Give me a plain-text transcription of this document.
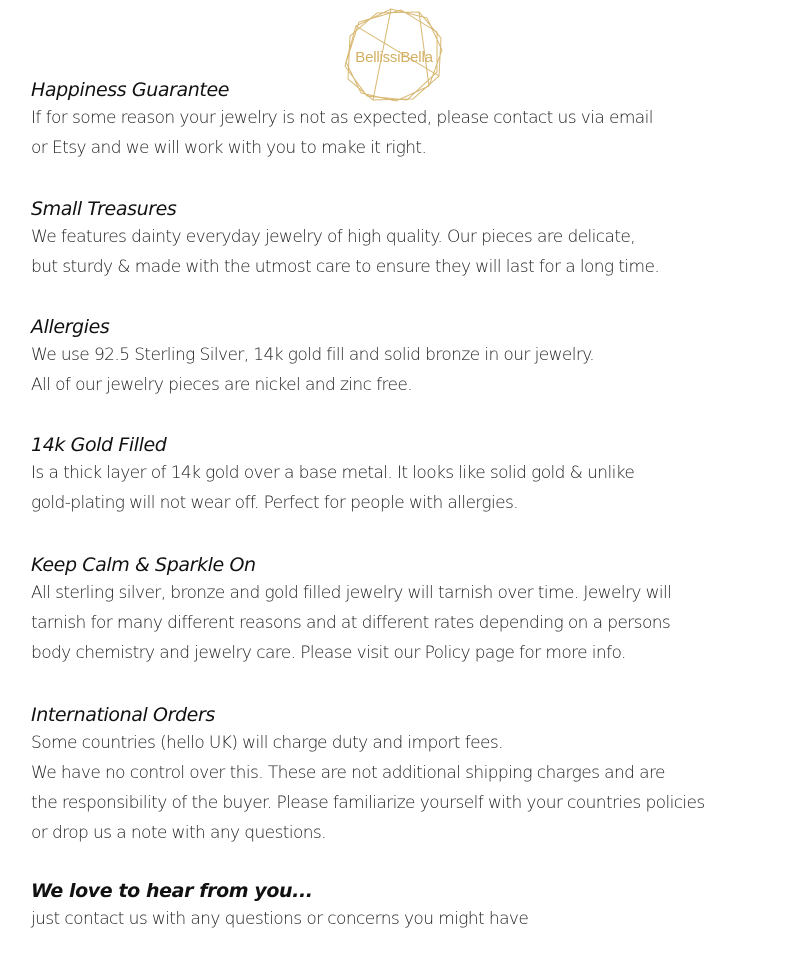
BellissiBella
Happiness Guarantee
If for some reason your jewelry is not as expected, please contact us via email
or Etsy and we will work with you to make it right.
Small Treasures
We features dainty everyday jewelry of high quality. Our pieces are delicate,
but sturdy & made with the utmost care to ensure they will last for a long time.
Allergies
We use 92.5 Sterling Silver, 14k gold fill and solid bronze in our jewelry.
All of our jewelry pieces are nickel and zinc free.
14k Gold Filled
Is a thick layer of 14k gold over a base metal. It looks like solid gold & unlike
gold-plating will not wear off. Perfect for people with allergies.
Keep Calm & Sparkle On
All sterling silver, bronze and gold filled jewelry will tarnish over time. Jewelry will
tarnish for many different reasons and at different rates depending on a persons
body chemistry and jewelry care. Please visit our Policy page for more info.
International Orders
Some countries (hello UK) will charge duty and import fees.
We have no control over this. These are not additional shipping charges and are
the responsibility of the buyer. Please familiarize yourself with your countries policies
or drop us a note with any questions.
We love to hear from you...
just contact us with any questions or concerns you might have
